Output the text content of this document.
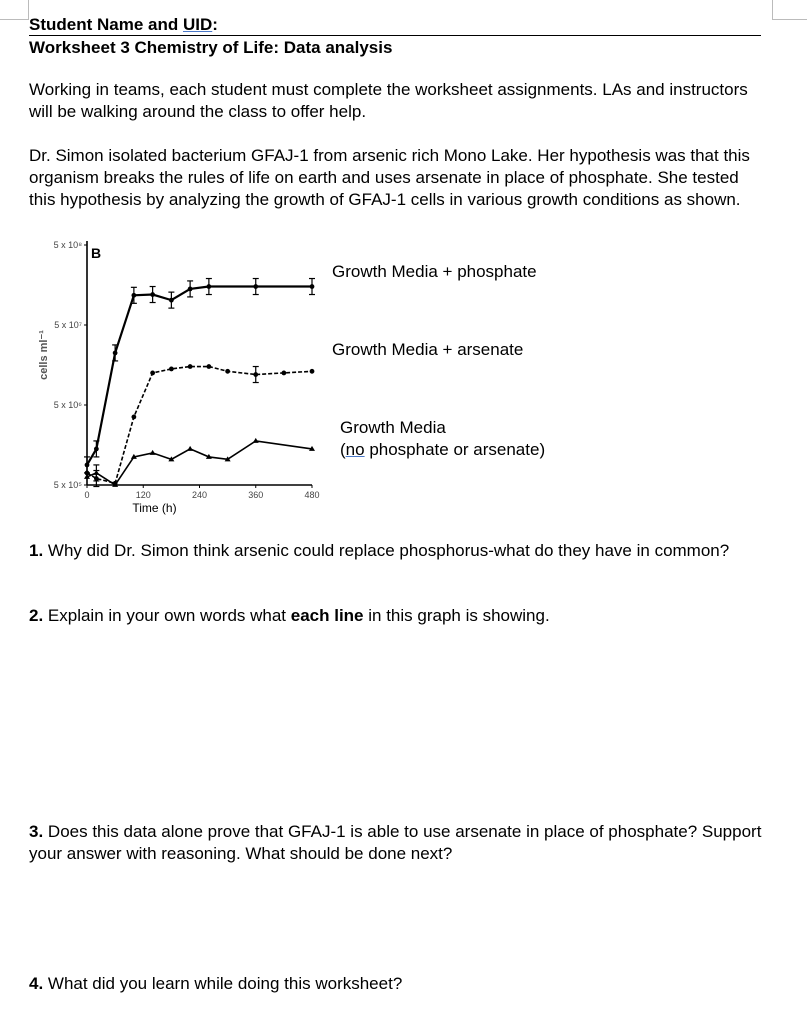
Student Name and UID:
Worksheet 3 Chemistry of Life: Data analysis
Working in teams, each student must complete the worksheet assignments. LAs and instructors will be walking around the class to offer help.
Dr. Simon isolated bacterium GFAJ-1 from arsenic rich Mono Lake. Her hypothesis was that this organism breaks the rules of life on earth and uses arsenate in place of phosphate. She tested this hypothesis by analyzing the growth of GFAJ-1 cells in various growth conditions as shown.
B
0	120	240	360	480
5 x 10⁵
5 x 10⁶
5 x 10⁷
5 x 10⁸
Time (h)
cells ml⁻¹
Growth Media + phosphate
Growth Media + arsenate
Growth Media
(no phosphate or arsenate)
1. Why did Dr. Simon think arsenic could replace phosphorus-what do they have in common?
2. Explain in your own words what each line in this graph is showing.
3. Does this data alone prove that GFAJ-1 is able to use arsenate in place of phosphate? Support your answer with reasoning. What should be done next?
4. What did you learn while doing this worksheet?
